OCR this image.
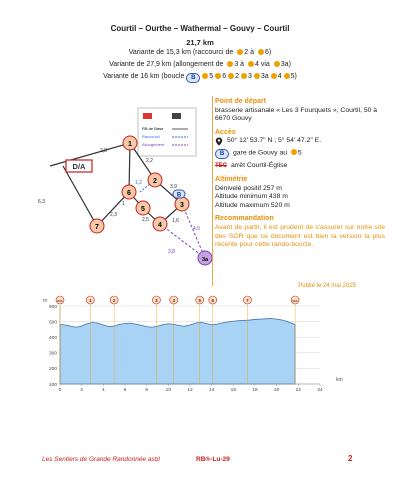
Courtil – Ourthe – Wathermal – Gouvy – Courtil
21,7 km
Variante de 15,3 km (raccourci de 2 à 6)
Variante de 27,9 km (allongement de 3 à 4 via 3a)
Variante de 16 km (boucle B 5 6 2 3 3a 4 5)
RB de Base
Raccourci
Allongement
D/A
1
2
3
4
5
6
7
3a
B
2,8
2,2
6,3
1,2
3,9
2,3
1
2,5	1,6
4,0
3,8
Point de départ
brasserie artisanale « Les 3 Fourquets », Courtil, 50 à 6670 Gouvy
Accès
50° 12' 53.7" N ; 5° 54' 47.2" E.
B	gare de Gouvy au 5
TEC arrêt Courtil-Église
Altimétrie
Dénivelé positif 257 m
Altitude minimum 438 m
Altitude maximum 520 m
Recommandation
Avant de partir, il est prudent de s'assurer sur notre site des SGR que ce document est bien la version la plus récente pour cette rando-boucle.
Publié le 24 mai 2025
100
200
300
400
500
600
0	2	4	6	8	10	12	14	16	18	20	22	24
D/A	1	2	3	4	5 6	7	D/A
m
km
Les Sentiers de Grande Randonnée asbl	RB®-Lu-29	2
